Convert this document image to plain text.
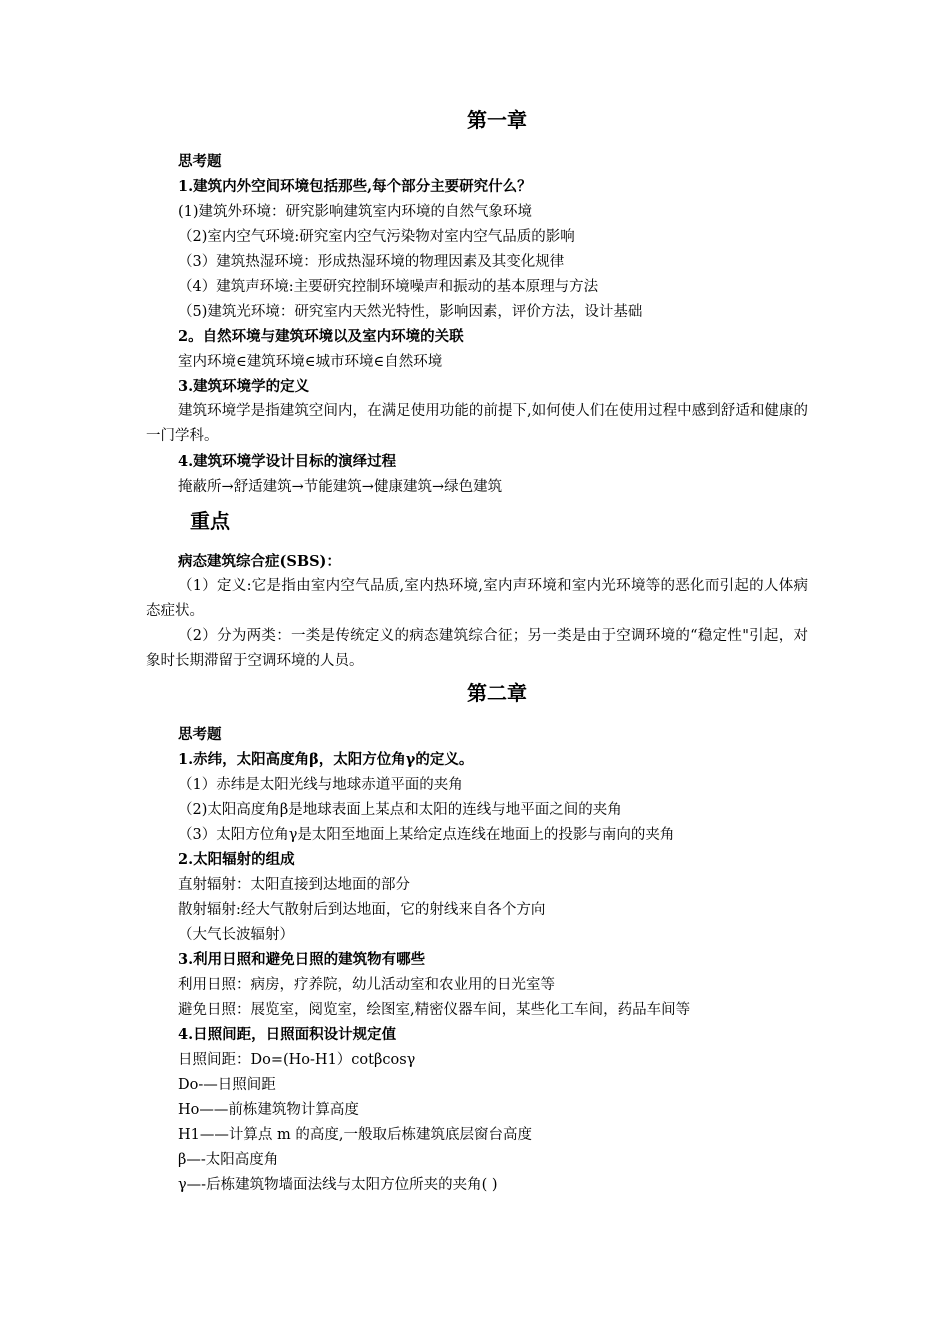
第一章
思考题
1.建筑内外空间环境包括那些,每个部分主要研究什么？
(1)建筑外环境：研究影响建筑室内环境的自然气象环境
（2)室内空气环境:研究室内空气污染物对室内空气品质的影响
（3）建筑热湿环境：形成热湿环境的物理因素及其变化规律
（4）建筑声环境:主要研究控制环境噪声和振动的基本原理与方法
（5)建筑光环境：研究室内天然光特性，影响因素，评价方法，设计基础
2。自然环境与建筑环境以及室内环境的关联
室内环境∈建筑环境∈城市环境∈自然环境
3.建筑环境学的定义
建筑环境学是指建筑空间内，在满足使用功能的前提下,如何使人们在使用过程中感到舒适和健康的一门学科。
4.建筑环境学设计目标的演绎过程
掩蔽所→舒适建筑→节能建筑→健康建筑→绿色建筑
重点
病态建筑综合症(SBS)：
（1）定义:它是指由室内空气品质,室内热环境,室内声环境和室内光环境等的恶化而引起的人体病态症状。
（2）分为两类：一类是传统定义的病态建筑综合征；另一类是由于空调环境的“稳定性"引起，对象时长期滞留于空调环境的人员。
第二章
思考题
1.赤纬，太阳高度角β，太阳方位角γ的定义。
（1）赤纬是太阳光线与地球赤道平面的夹角
（2)太阳高度角β是地球表面上某点和太阳的连线与地平面之间的夹角
（3）太阳方位角γ是太阳至地面上某给定点连线在地面上的投影与南向的夹角
2.太阳辐射的组成
直射辐射：太阳直接到达地面的部分
散射辐射:经大气散射后到达地面，它的射线来自各个方向
（大气长波辐射）
3.利用日照和避免日照的建筑物有哪些
利用日照：病房，疗养院，幼儿活动室和农业用的日光室等
避免日照：展览室，阅览室，绘图室,精密仪器车间，某些化工车间，药品车间等
4.日照间距，日照面积设计规定值
日照间距：Do=(Ho-H1）cotβcosγ
Do-—日照间距
Ho——前栋建筑物计算高度
H1——计算点 m 的高度,一般取后栋建筑底层窗台高度
β—-太阳高度角
γ—-后栋建筑物墙面法线与太阳方位所夹的夹角( )
